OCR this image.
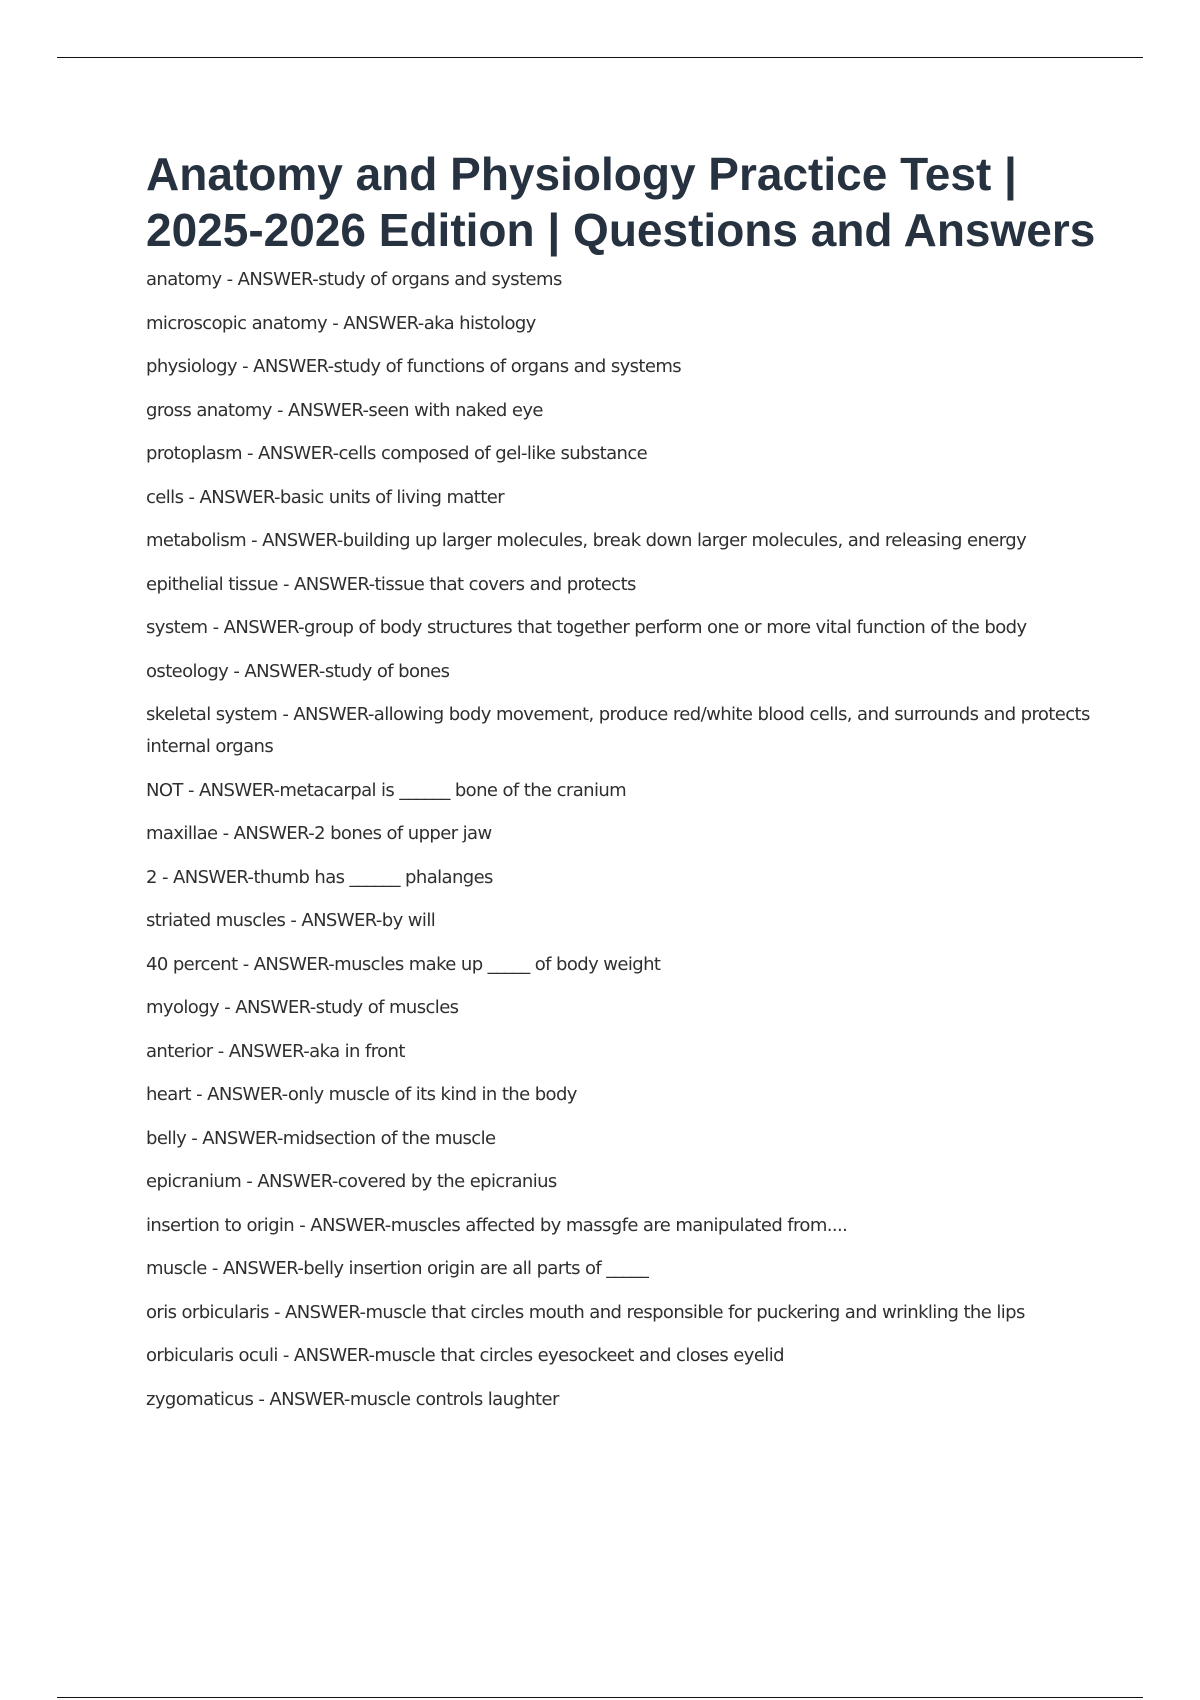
Anatomy and Physiology Practice Test | 2025-2026 Edition | Questions and Answers
anatomy - ANSWER-study of organs and systems
microscopic anatomy - ANSWER-aka histology
physiology - ANSWER-study of functions of organs and systems
gross anatomy - ANSWER-seen with naked eye
protoplasm - ANSWER-cells composed of gel-like substance
cells - ANSWER-basic units of living matter
metabolism - ANSWER-building up larger molecules, break down larger molecules, and releasing energy
epithelial tissue - ANSWER-tissue that covers and protects
system - ANSWER-group of body structures that together perform one or more vital function of the body
osteology - ANSWER-study of bones
skeletal system - ANSWER-allowing body movement, produce red/white blood cells, and surrounds and protects internal organs
NOT - ANSWER-metacarpal is ______ bone of the cranium
maxillae - ANSWER-2 bones of upper jaw
2 - ANSWER-thumb has ______ phalanges
striated muscles - ANSWER-by will
40 percent - ANSWER-muscles make up _____ of body weight
myology - ANSWER-study of muscles
anterior - ANSWER-aka in front
heart - ANSWER-only muscle of its kind in the body
belly - ANSWER-midsection of the muscle
epicranium - ANSWER-covered by the epicranius
insertion to origin - ANSWER-muscles affected by massgfe are manipulated from....
muscle - ANSWER-belly insertion origin are all parts of _____
oris orbicularis - ANSWER-muscle that circles mouth and responsible for puckering and wrinkling the lips
orbicularis oculi - ANSWER-muscle that circles eyesockeet and closes eyelid
zygomaticus - ANSWER-muscle controls laughter
